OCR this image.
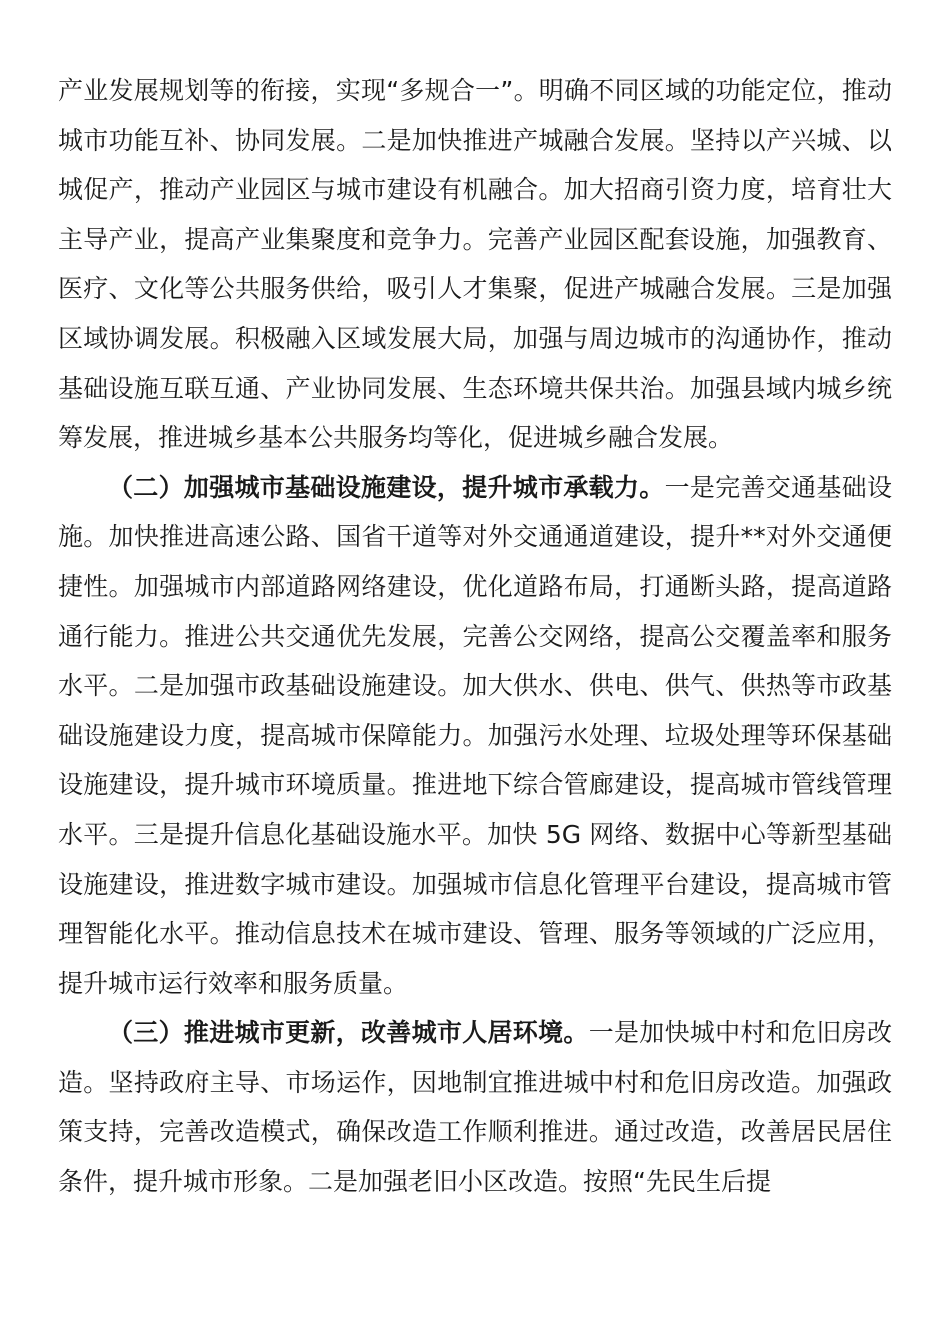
产业发展规划等的衔接，实现“多规合一”。明确不同区域的功能定位，推动城市功能互补、协同发展。二是加快推进产城融合发展。坚持以产兴城、以城促产，推动产业园区与城市建设有机融合。加大招商引资力度，培育壮大主导产业，提高产业集聚度和竞争力。完善产业园区配套设施，加强教育、医疗、文化等公共服务供给，吸引人才集聚，促进产城融合发展。三是加强区域协调发展。积极融入区域发展大局，加强与周边城市的沟通协作，推动基础设施互联互通、产业协同发展、生态环境共保共治。加强县域内城乡统筹发展，推进城乡基本公共服务均等化，促进城乡融合发展。

（二）加强城市基础设施建设，提升城市承载力。一是完善交通基础设施。加快推进高速公路、国省干道等对外交通通道建设，提升**对外交通便捷性。加强城市内部道路网络建设，优化道路布局，打通断头路，提高道路通行能力。推进公共交通优先发展，完善公交网络，提高公交覆盖率和服务水平。二是加强市政基础设施建设。加大供水、供电、供气、供热等市政基础设施建设力度，提高城市保障能力。加强污水处理、垃圾处理等环保基础设施建设，提升城市环境质量。推进地下综合管廊建设，提高城市管线管理水平。三是提升信息化基础设施水平。加快 5G 网络、数据中心等新型基础设施建设，推进数字城市建设。加强城市信息化管理平台建设，提高城市管理智能化水平。推动信息技术在城市建设、管理、服务等领域的广泛应用，提升城市运行效率和服务质量。

（三）推进城市更新，改善城市人居环境。一是加快城中村和危旧房改造。坚持政府主导、市场运作，因地制宜推进城中村和危旧房改造。加强政策支持，完善改造模式，确保改造工作顺利推进。通过改造，改善居民居住条件，提升城市形象。二是加强老旧小区改造。按照“先民生后提
